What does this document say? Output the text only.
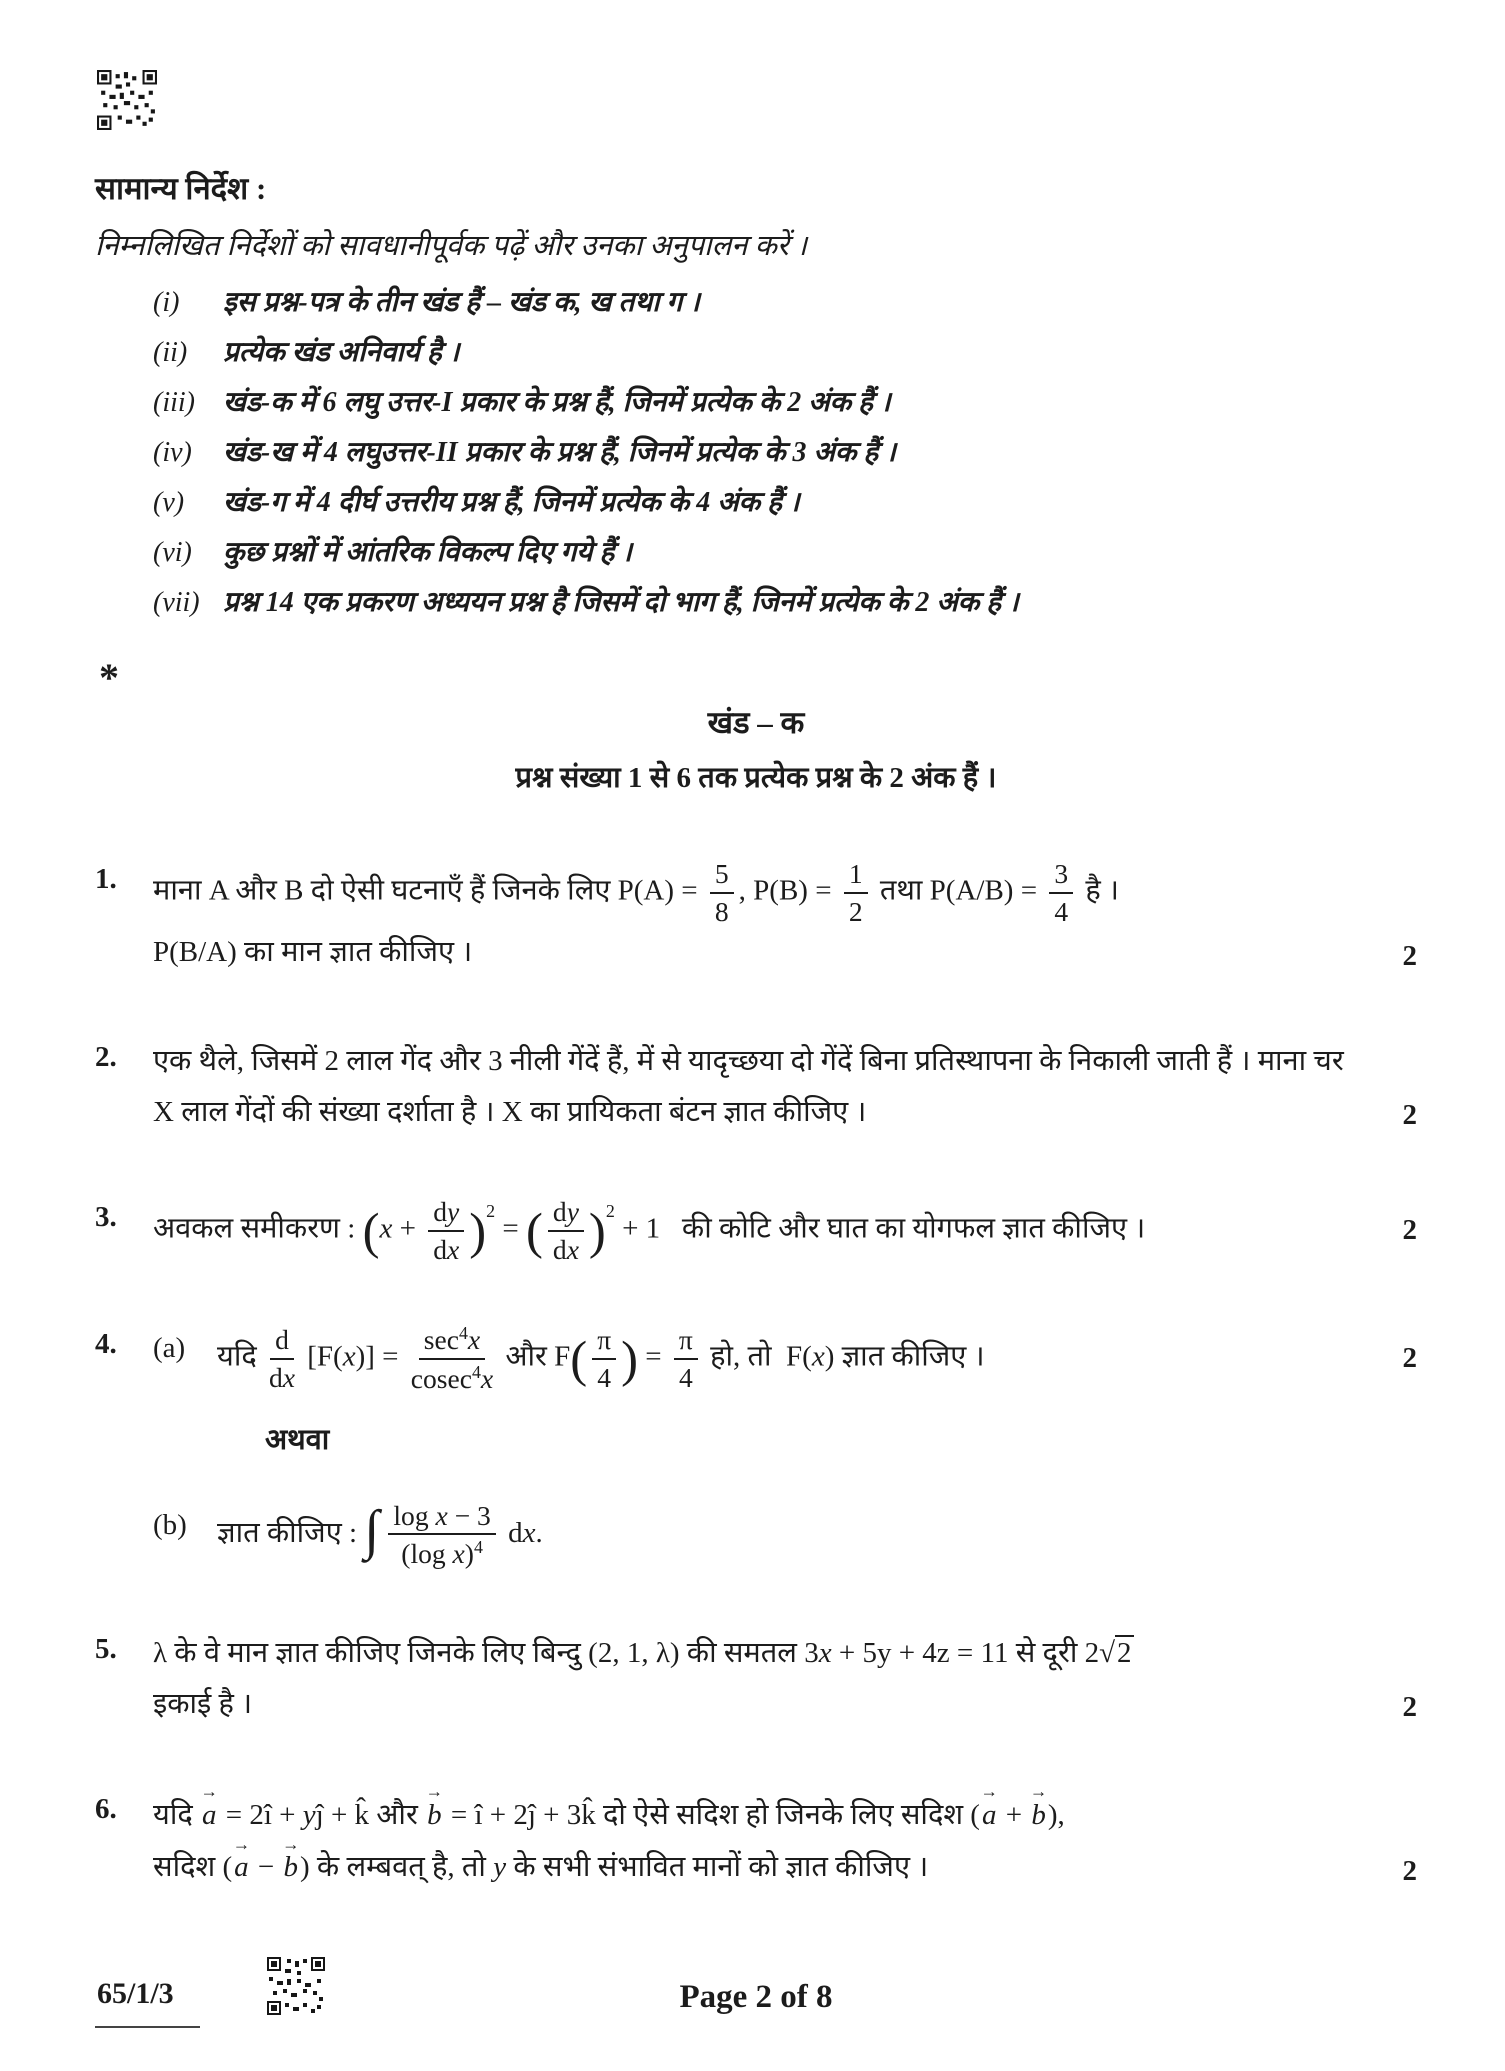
सामान्य निर्देश :
निम्नलिखित निर्देशों को सावधानीपूर्वक पढ़ें और उनका अनुपालन करें ।
(i)	इस प्रश्न-पत्र के तीन खंड हैं – खंड क, ख तथा ग ।
(ii)	प्रत्येक खंड अनिवार्य है ।
(iii)	खंड-क में 6 लघु उत्तर-I प्रकार के प्रश्न हैं, जिनमें प्रत्येक के 2 अंक हैं ।
(iv)	खंड-ख में 4 लघुउत्तर-II प्रकार के प्रश्न हैं, जिनमें प्रत्येक के 3 अंक हैं ।
(v)	खंड-ग में 4 दीर्घ उत्तरीय प्रश्न हैं, जिनमें प्रत्येक के 4 अंक हैं ।
(vi)	कुछ प्रश्नों में आंतरिक विकल्प दिए गये हैं ।
(vii) प्रश्न 14 एक प्रकरण अध्ययन प्रश्न है जिसमें दो भाग हैं, जिनमें प्रत्येक के 2 अंक हैं ।
*
खंड – क
प्रश्न संख्या 1 से 6 तक प्रत्येक प्रश्न के 2 अंक हैं ।
1.	माना A और B दो ऐसी घटनाएँ हैं जिनके लिए $P(A) = \frac{5}{8}$ , $P(B) = \frac{1}{2}$ तथा $P(A/B) = \frac{3}{4}$ है ।
P(B/A) का मान ज्ञात कीजिए ।	2
2.	एक थैले, जिसमें 2 लाल गेंद और 3 नीली गेंदें हैं, में से यादृच्छया दो गेंदें बिना प्रतिस्थापना के निकाली जाती हैं । माना चर X लाल गेंदों की संख्या दर्शाता है । X का प्रायिकता बंटन ज्ञात कीजिए ।	2
3.	अवकल समीकरण : $(x + \frac{dy}{dx} )^2$ = ( $\frac{dy}{dx} )^2 + 1$   की कोटि और घात का योगफल ज्ञात कीजिए ।	2
4.	(a)	यदि $\frac{d}{dx} [F(x)] = \frac{\sec^4x}{cosec^4x}$ और $F( \frac{\pi}{4}$ ) = $\frac{\pi}{4}$ हो, तो  F(x) ज्ञात कीजिए ।
अथवा
(b)	ज्ञात कीजिए : ∫ $\frac{\text{log x − 3}}{(\log x)^4}$ dx.
2
5.	λ के वे मान ज्ञात कीजिए जिनके लिए बिन्दु (2, 1, λ) की समतल 3x + 5y + 4z = 11 से दूरी 2√2
इकाई है ।	2
6.	यदि → a = 2î + yĵ + k̂ और → b = î + 2ĵ + 3k̂ दो ऐसे सदिश हो जिनके लिए सदिश (→ a + → b),
सदिश (→ a − → b) के लम्बवत् है, तो y के सभी संभावित मानों को ज्ञात कीजिए ।	2
65/1/3	Page 2 of 8
